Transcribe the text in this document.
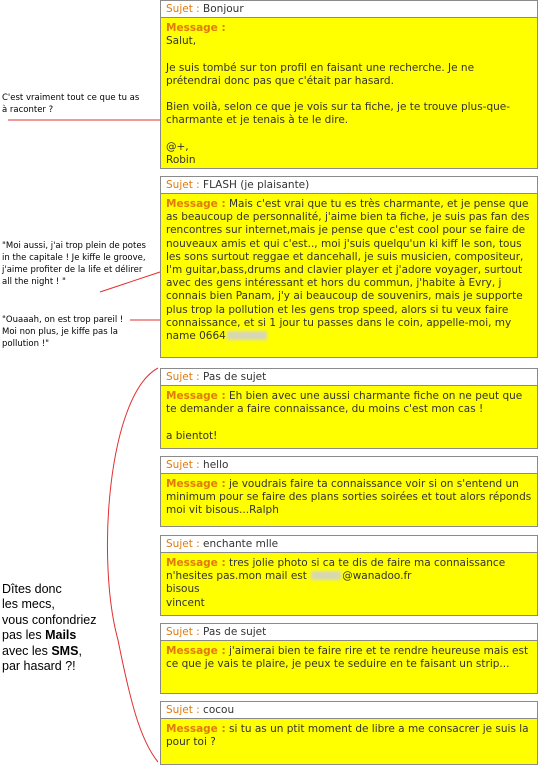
Sujet : Bonjour
Message :
Salut,

Je suis tombé sur ton profil en faisant une recherche. Je ne prétendrai donc pas que c'était par hasard.

Bien voilà, selon ce que je vois sur ta fiche, je te trouve plus-que-charmante et je tenais à te le dire.

@+,
Robin
Sujet : FLASH (je plaisante)
Message : Mais c'est vrai que tu es très charmante, et je pense que as beaucoup de personnalité, j'aime bien ta fiche, je suis pas fan des rencontres sur internet,mais je pense que c'est cool pour se faire de nouveaux amis et qui c'est.., moi j'suis quelqu'un ki kiff le son, tous les sons surtout reggae et dancehall, je suis musicien, compositeur, I'm guitar,bass,drums and clavier player et j'adore voyager, surtout avec des gens intéressant et hors du commun, j'habite à Evry, j connais bien Panam, j'y ai beaucoup de souvenirs, mais je supporte plus trop la pollution et les gens trop speed, alors si tu veux faire connaissance, et si 1 jour tu passes dans le coin, appelle-moi, my name 0664
Sujet : Pas de sujet
Message : Eh bien avec une aussi charmante fiche on ne peut que te demander a faire connaissance, du moins c'est mon cas !

a bientot!
Sujet : hello
Message : je voudrais faire ta connaissance voir si on s'entend un minimum pour se faire des plans sorties soirées et tout alors réponds moi vit bisous...Ralph
Sujet : enchante mlle
Message : tres jolie photo si ca te dis de faire ma connaissance n'hesites pas.mon mail est	@wanadoo.fr
bisous
vincent
Sujet : Pas de sujet
Message : j'aimerai bien te faire rire et te rendre heureuse mais est ce que je vais te plaire, je peux te seduire en te faisant un strip...
Sujet : cocou
Message : si tu as un ptit moment de libre a me consacrer je suis la pour toi ?
C'est vraiment tout ce que tu as
à raconter ?
"Moi aussi, j'ai trop plein de potes
in the capitale ! Je kiffe le groove,
j'aime profiter de la life et délirer
all the night ! "
"Ouaaah, on est trop pareil !
Moi non plus, je kiffe pas la
pollution !"
Dîtes donc
les mecs,
vous confondriez
pas les Mails
avec les SMS,
par hasard ?!
